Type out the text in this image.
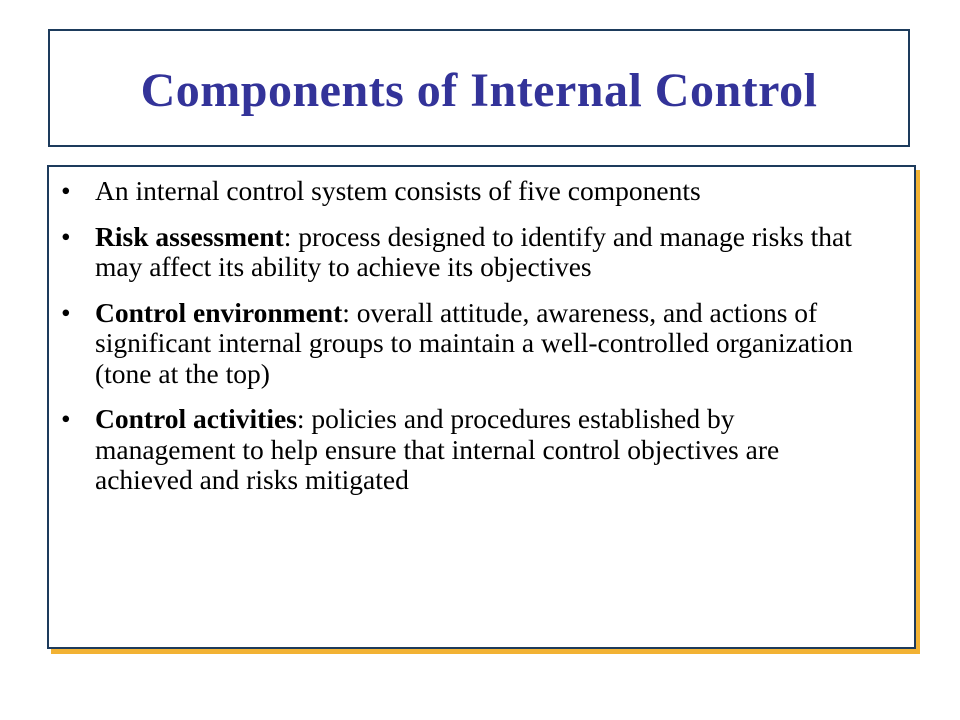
Components of Internal Control
• An internal control system consists of five components
• Risk assessment: process designed to identify and manage risks that may affect its ability to achieve its objectives
• Control environment: overall attitude, awareness, and actions of significant internal groups to maintain a well-controlled organization (tone at the top)
• Control activities: policies and procedures established by management to help ensure that internal control objectives are achieved and risks mitigated
